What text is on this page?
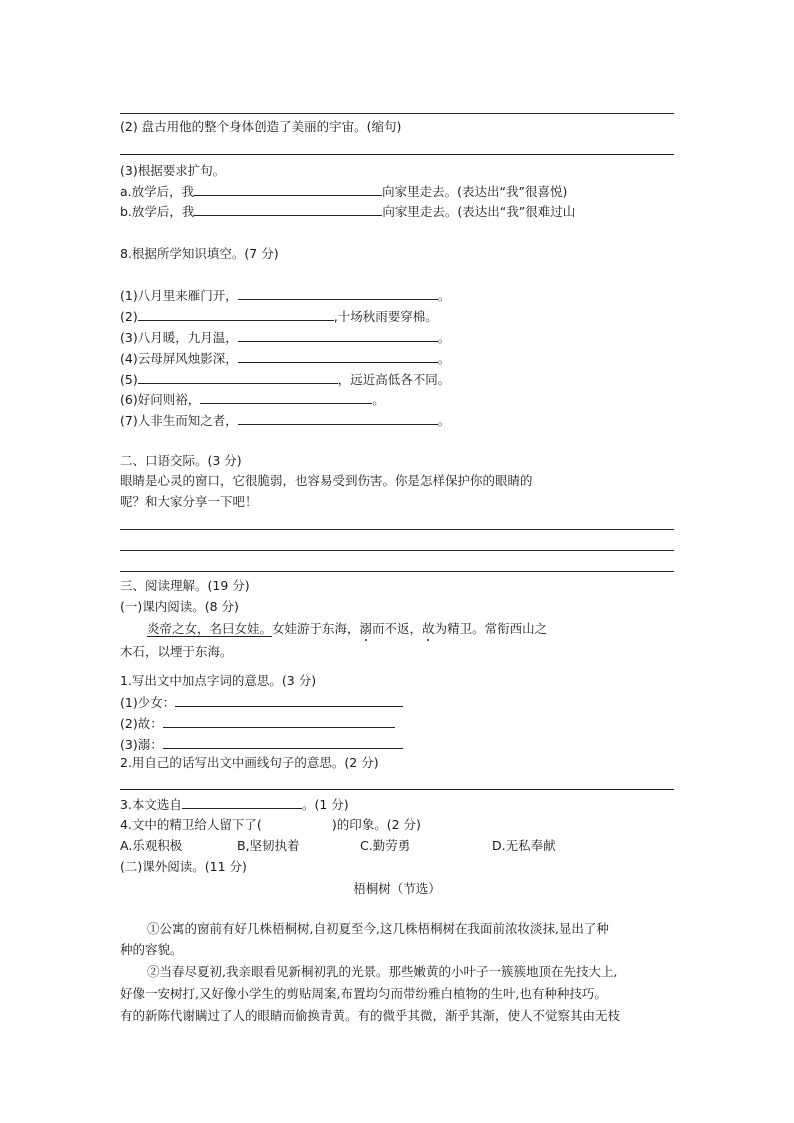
(2) 盘古用他的整个身体创造了美丽的宇宙。(缩句)
(3)根据要求扩句。
a.放学后，我	向家里走去。(表达出“我”很喜悦)
b.放学后，我	向家里走去。(表达出“我”很难过山
8.根据所学知识填空。(7 分)
(1)八月里来雁门开，	。
(2)	,十场秋雨要穿棉。
(3)八月暖，九月温，	。
(4)云母屏风烛影深，	。
(5)	，远近高低各不同。
(6)好问则裕，	。
(7)人非生而知之者，	。
二、口语交际。(3 分)
眼睛是心灵的窗口，它很脆弱，也容易受到伤害。你是怎样保护你的眼睛的
呢？和大家分享一下吧！
三、阅读理解。(19 分)
(一)课内阅读。(8 分)
炎帝之女，名曰女娃。女娃游于东海，溺而不返，故为精卫。常衔西山之
木石，以堙于东海。
1.写出文中加点字词的意思。(3 分)
(1)少女：
(2)故：
(3)溺：
2.用自己的话写出文中画线句子的意思。(2 分)
3.本文选自	。(1 分)
4.文中的精卫给人留下了(	)的印象。(2 分)
A.乐观积极	B,坚韧执着	C.勤劳勇	D.无私奉献
(二)课外阅读。(11 分)
梧桐树（节选）
①公寓的窗前有好几株梧桐树,自初夏至今,这几株梧桐树在我面前浓妆淡抹,显出了种
种的容貌。
②当春尽夏初,我亲眼看见新桐初乳的光景。那些嫩黄的小叶子一簇簇地顶在先技大上,
好像一安树打,又好像小学生的剪贴周案,布置均匀而带纷雅白植物的生叶,也有种种技巧。
有的新陈代谢瞒过了人的眼睛而偷换青黄。有的微乎其微，渐乎其渐，使人不觉察其由无枝
